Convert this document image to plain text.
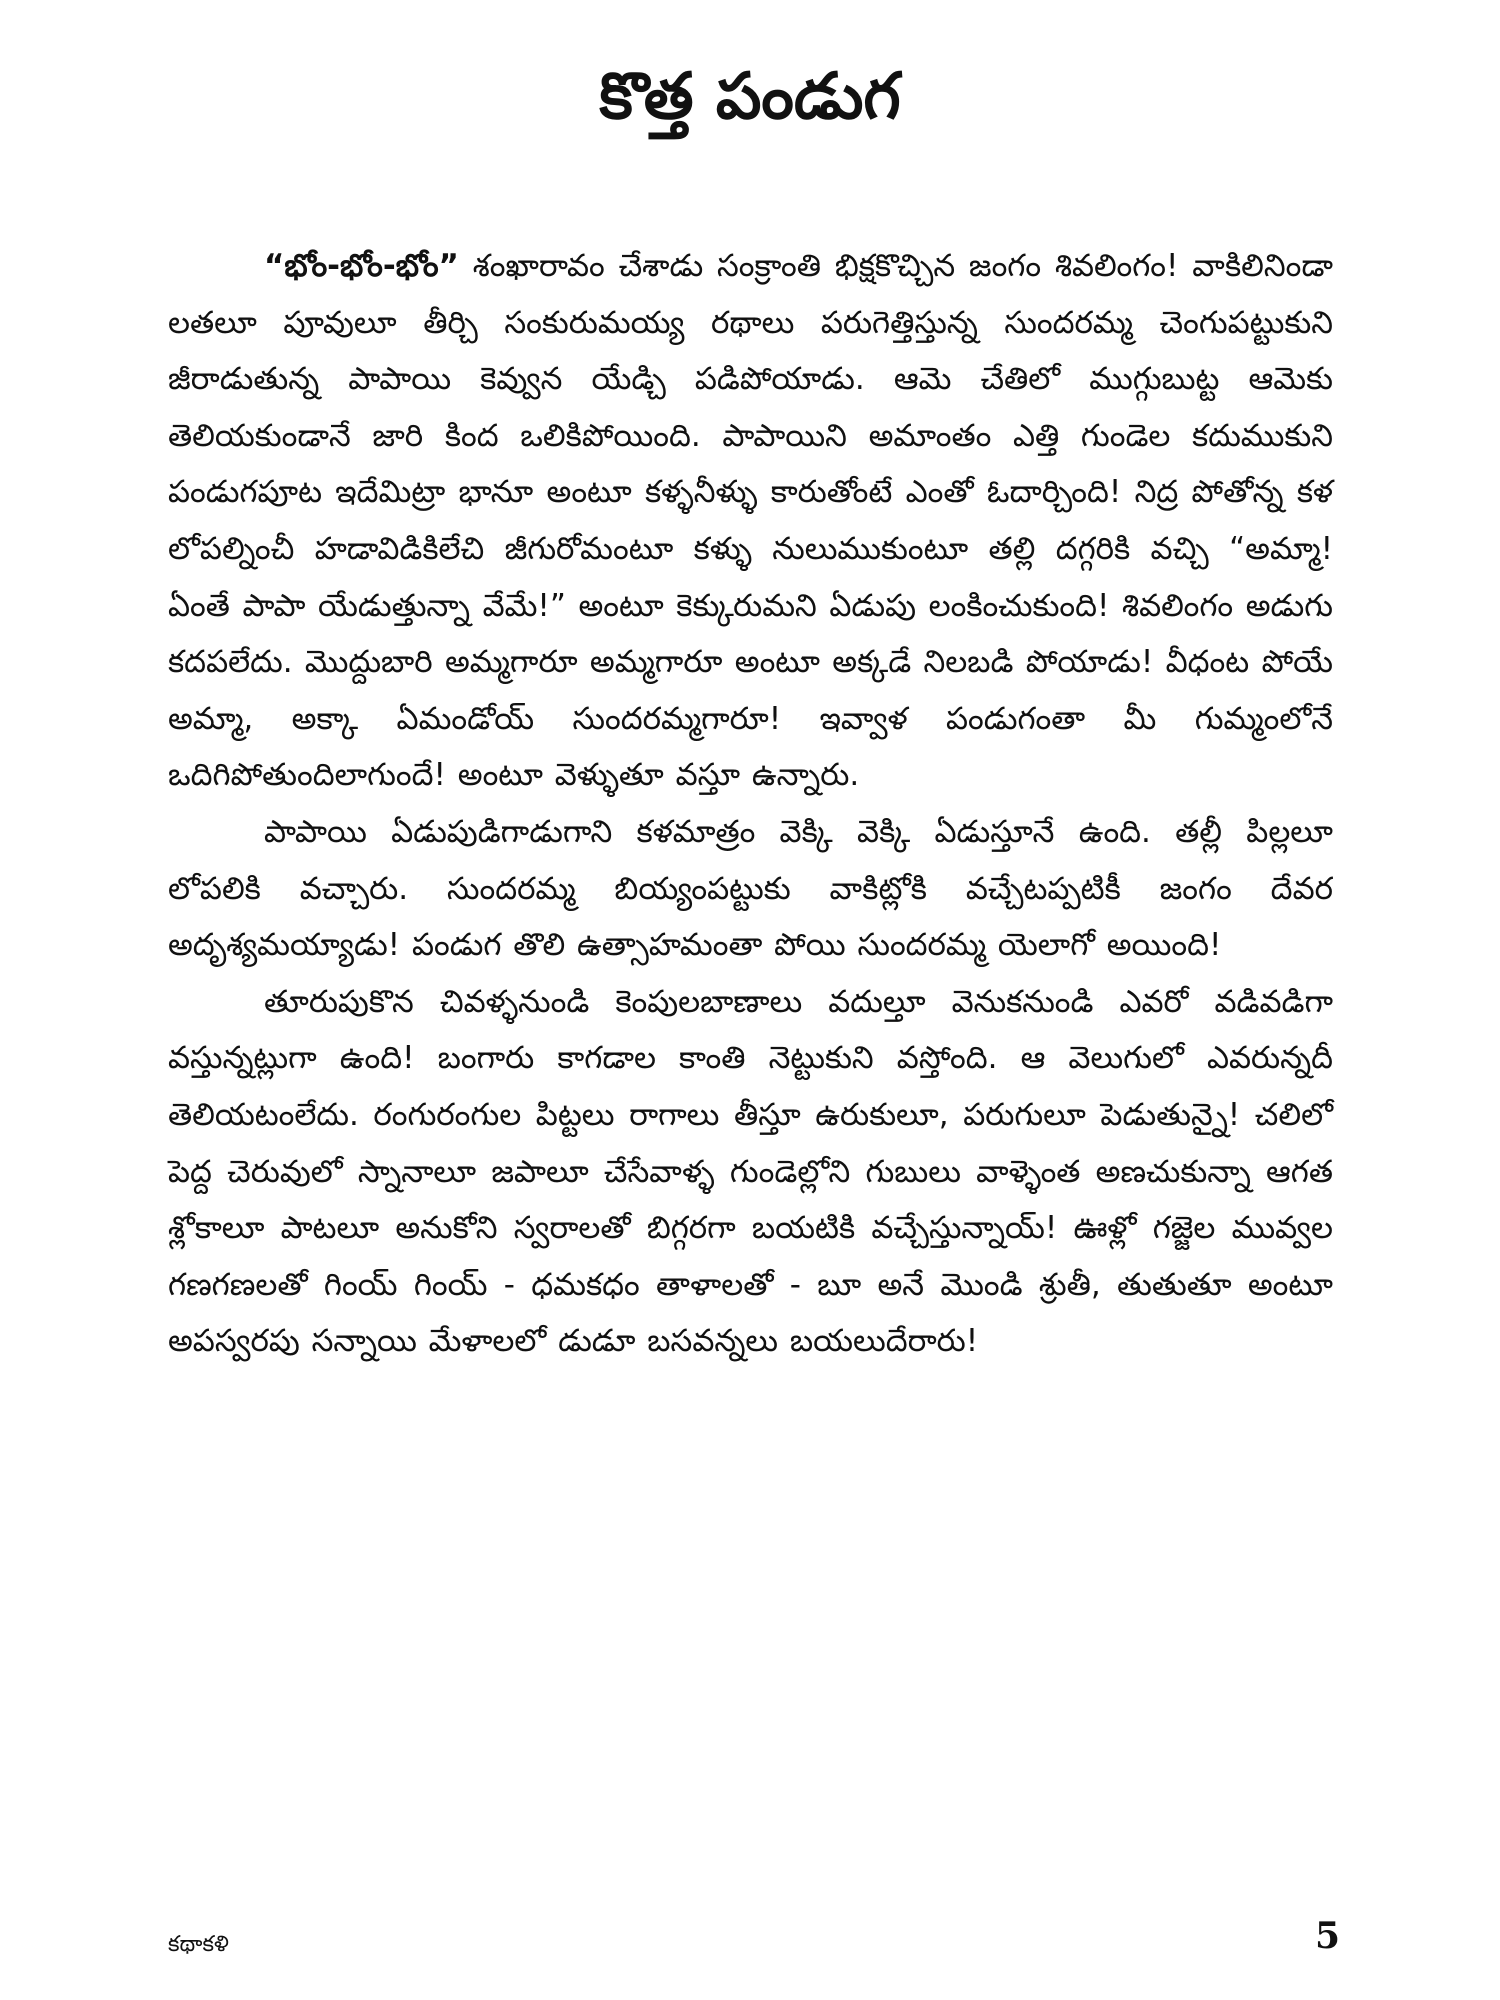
కొత్త పండుగ

“భోం-భోం-భోం” శంఖారావం చేశాడు సంక్రాంతి భిక్షకొచ్చిన జంగం శివలింగం! వాకిలినిండా లతలూ పూవులూ తీర్చి సంకురుమయ్య రథాలు పరుగెత్తిస్తున్న సుందరమ్మ చెంగుపట్టుకుని జీరాడుతున్న పాపాయి కెవ్వున యేడ్చి పడిపోయాడు. ఆమె చేతిలో ముగ్గుబుట్ట ఆమెకు తెలియకుండానే జారి కింద ఒలికిపోయింది. పాపాయిని అమాంతం ఎత్తి గుండెల కదుముకుని పండుగపూట ఇదేమిట్రా భానూ అంటూ కళ్ళనీళ్ళు కారుతోంటే ఎంతో ఓదార్చింది! నిద్ర పోతోన్న కళ లోపల్నించీ హడావిడికిలేచి జీగురోమంటూ కళ్ళు నులుముకుంటూ తల్లి దగ్గరికి వచ్చి “అమ్మా! ఏంతే పాపా యేడుత్తున్నా వేమే!” అంటూ కెక్కురుమని ఏడుపు లంకించుకుంది! శివలింగం అడుగు కదపలేదు. మొద్దుబారి అమ్మగారూ అమ్మగారూ అంటూ అక్కడే నిలబడి పోయాడు! వీధంట పోయే అమ్మా, అక్కా ఏమండోయ్ సుందరమ్మగారూ! ఇవ్వాళ పండుగంతా మీ గుమ్మంలోనే ఒదిగిపోతుందిలాగుందే! అంటూ వెళ్ళుతూ వస్తూ ఉన్నారు.

పాపాయి ఏడుపుడిగాడుగాని కళమాత్రం వెక్కి వెక్కి ఏడుస్తూనే ఉంది. తల్లీ పిల్లలూ లోపలికి వచ్చారు. సుందరమ్మ బియ్యంపట్టుకు వాకిట్లోకి వచ్చేటప్పటికీ జంగం దేవర అదృశ్యమయ్యాడు! పండుగ తొలి ఉత్సాహమంతా పోయి సుందరమ్మ యెలాగో అయింది!

తూరుపుకొన చివళ్ళనుండి కెంపులబాణాలు వదుల్తూ వెనుకనుండి ఎవరో వడివడిగా వస్తున్నట్లుగా ఉంది! బంగారు కాగడాల కాంతి నెట్టుకుని వస్తోంది. ఆ వెలుగులో ఎవరున్నదీ తెలియటంలేదు. రంగురంగుల పిట్టలు రాగాలు తీస్తూ ఉరుకులూ, పరుగులూ పెడుతున్నై! చలిలో పెద్ద చెరువులో స్నానాలూ జపాలూ చేసేవాళ్ళ గుండెల్లోని గుబులు వాళ్ళెంత అణచుకున్నా ఆగత శ్లోకాలూ పాటలూ అనుకోని స్వరాలతో బిగ్గరగా బయటికి వచ్చేస్తున్నాయ్! ఊళ్లో గజ్జెల మువ్వల గణగణలతో గింయ్ గింయ్ - ధమకధం తాళాలతో - బూ అనే మొండి శ్రుతీ, తుతుతూ అంటూ అపస్వరపు సన్నాయి మేళాలలో డుడూ బసవన్నలు బయలుదేరారు!

కథాకళి	5
